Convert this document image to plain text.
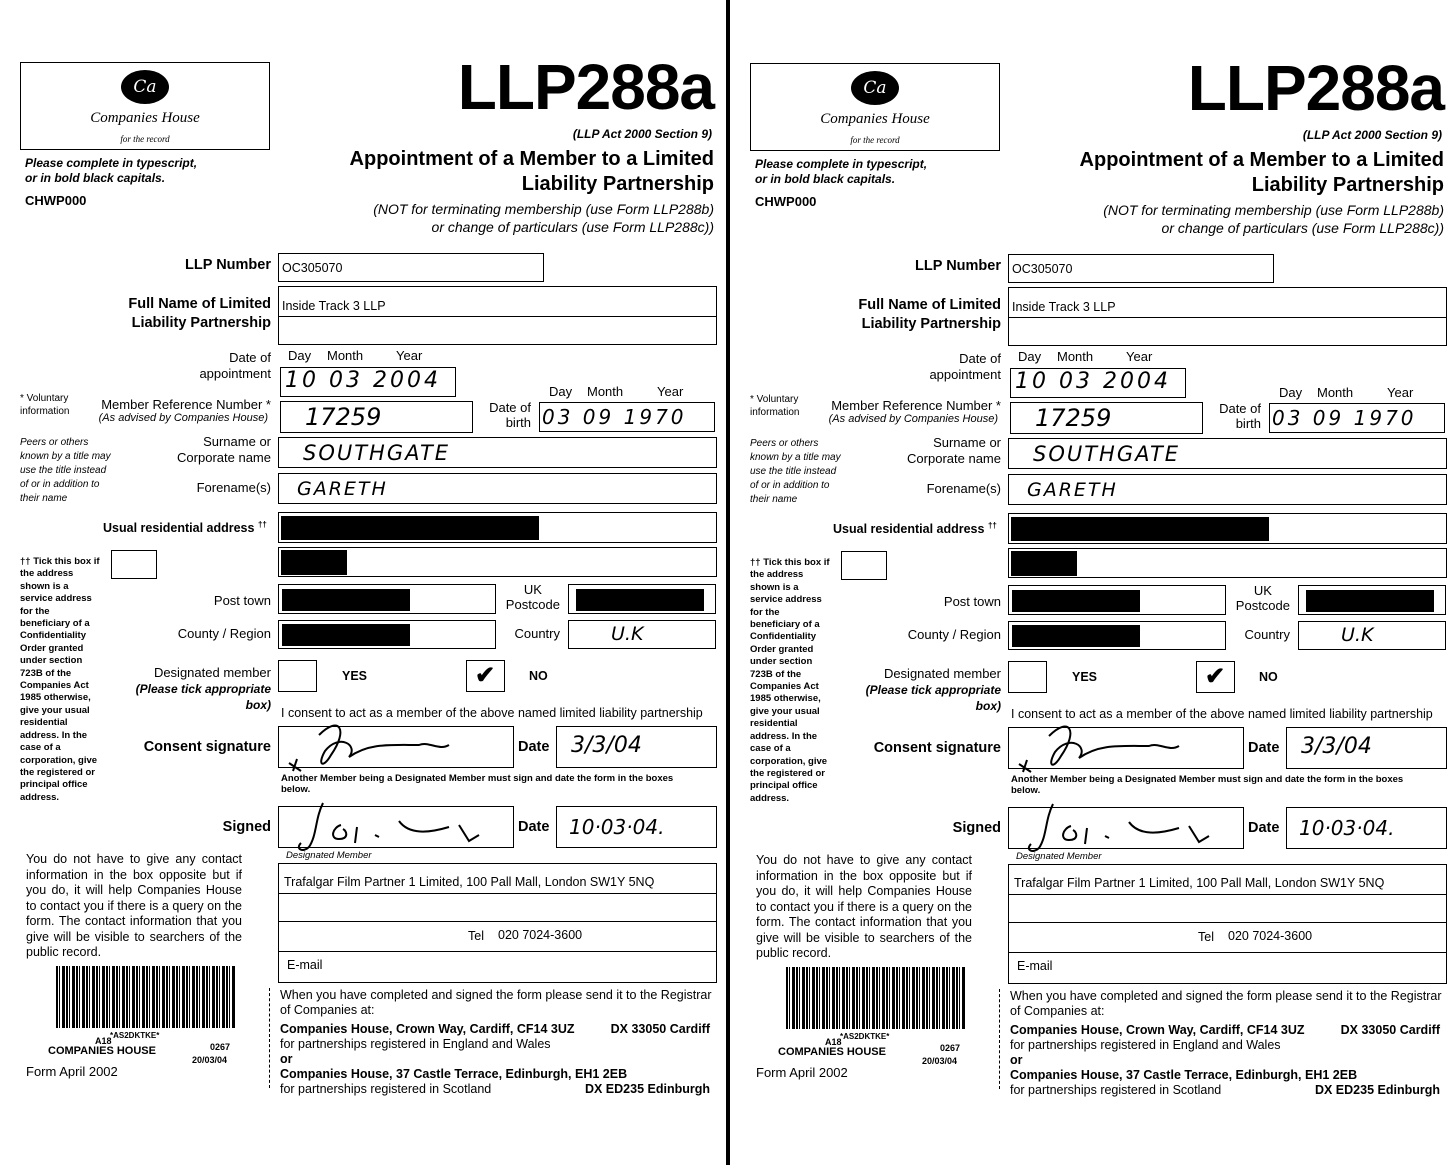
Ca
Companies House
for the record
LLP288a
(LLP Act 2000 Section 9)
Appointment of a Member to a Limited
Liability Partnership
(NOT for terminating membership (use Form LLP288b)
or change of particulars (use Form LLP288c))
Please complete in typescript,
or in bold black capitals.
CHWP000
LLP Number OC305070
Full Name of Limited
Liability Partnership
Inside Track 3 LLP
Date of
appointment
Day Month	Year
10 03 2004
* Voluntary
information Member Reference Number *
(As advised by Companies House) 17259
Day Month	Year
Date of
birth 03 09 1970
Peers or others
known by a title may
use the title instead
of or in addition to
their name
Surname or
Corporate name SOUTHGATE
Forename(s) GARETH
Usual residential address ††
†† Tick this box if
the address
shown is a
service address
for the
beneficiary of a
Confidentiality
Order granted
under section
723B of the
Companies Act
1985 otherwise,
give your usual
residential
address. In the
case of a
corporation, give
the registered or
principal office
address.
Post town
UK
Postcode
County / Region	Country	U.K
Designated member
(Please tick appropriate
box)
YES	✔	NO
I consent to act as a member of the above named limited liability partnership
Consent signature	Date 3/3/04
Another Member being a Designated Member must sign and date the form in the boxes
below.
Signed	Date 10·03·04.
Designated Member
You do not have to give any contact information in the box opposite but if you do, it will help Companies House to contact you if there is a query on the form. The contact information that you give will be visible to searchers of the public record.
Trafalgar Film Partner 1 Limited, 100 Pall Mall, London SW1Y 5NQ
Tel 020 7024-3600
E-mail
*AS2DKTKE*
A18
COMPANIES HOUSE	0267
20/03/04
Form April 2002
When you have completed and signed the form please send it to the Registrar of Companies at:
Companies House, Crown Way, Cardiff, CF14 3UZ	DX 33050 Cardiff
for partnerships registered in England and Wales
or
Companies House, 37 Castle Terrace, Edinburgh, EH1 2EB
for partnerships registered in Scotland	DX ED235 Edinburgh
Ca
Companies House
for the record
LLP288a
(LLP Act 2000 Section 9)
Appointment of a Member to a Limited
Liability Partnership
(NOT for terminating membership (use Form LLP288b)
or change of particulars (use Form LLP288c))
Please complete in typescript,
or in bold black capitals.
CHWP000
LLP Number OC305070
Full Name of Limited
Liability Partnership
Inside Track 3 LLP
Date of
appointment
Day Month	Year
10 03 2004
* Voluntary
information Member Reference Number *
(As advised by Companies House) 17259
Day Month	Year
Date of
birth 03 09 1970
Peers or others
known by a title may
use the title instead
of or in addition to
their name
Surname or
Corporate name SOUTHGATE
Forename(s) GARETH
Usual residential address ††
†† Tick this box if
the address
shown is a
service address
for the
beneficiary of a
Confidentiality
Order granted
under section
723B of the
Companies Act
1985 otherwise,
give your usual
residential
address. In the
case of a
corporation, give
the registered or
principal office
address.
Post town
UK
Postcode
County / Region	Country	U.K
Designated member
(Please tick appropriate
box)
YES	✔	NO
I consent to act as a member of the above named limited liability partnership
Consent signature	Date 3/3/04
Another Member being a Designated Member must sign and date the form in the boxes
below.
Signed	Date 10·03·04.
Designated Member
You do not have to give any contact information in the box opposite but if you do, it will help Companies House to contact you if there is a query on the form. The contact information that you give will be visible to searchers of the public record.
Trafalgar Film Partner 1 Limited, 100 Pall Mall, London SW1Y 5NQ
Tel 020 7024-3600
E-mail
*AS2DKTKE*
A18
COMPANIES HOUSE	0267
20/03/04
Form April 2002
When you have completed and signed the form please send it to the Registrar of Companies at:
Companies House, Crown Way, Cardiff, CF14 3UZ	DX 33050 Cardiff
for partnerships registered in England and Wales
or
Companies House, 37 Castle Terrace, Edinburgh, EH1 2EB
for partnerships registered in Scotland	DX ED235 Edinburgh
